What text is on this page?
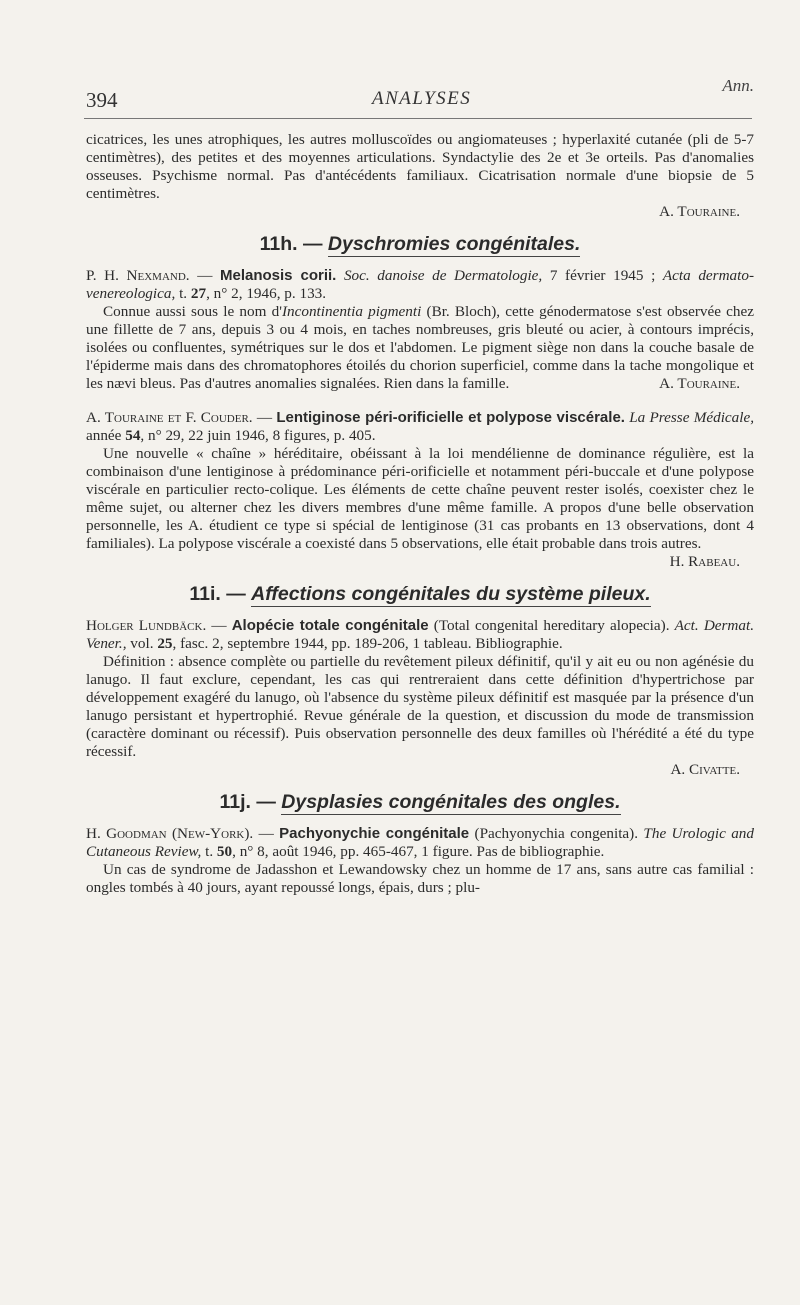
Ann.
394	ANALYSES

cicatrices, les unes atrophiques, les autres molluscoïdes ou angiomateuses ; hyperlaxité cutanée (pli de 5-7 centimètres), des petites et des moyennes articulations. Syndactylie des 2e et 3e orteils. Pas d'anomalies osseuses. Psychisme normal. Pas d'antécédents familiaux. Cicatrisation normale d'une biopsie de 5 centimètres.

A. Touraine.

11h. — Dyschromies congénitales.

P. H. Nexmand. — Melanosis corii. Soc. danoise de Dermatologie, 7 février 1945 ; Acta dermato-venereologica, t. 27, n° 2, 1946, p. 133.

Connue aussi sous le nom d'Incontinentia pigmenti (Br. Bloch), cette génodermatose s'est observée chez une fillette de 7 ans, depuis 3 ou 4 mois, en taches nombreuses, gris bleuté ou acier, à contours imprécis, isolées ou confluentes, symétriques sur le dos et l'abdomen. Le pigment siège non dans la couche basale de l'épiderme mais dans des chromatophores étoilés du chorion superficiel, comme dans la tache mongolique et les nævi bleus. Pas d'autres anomalies signalées. Rien dans la famille.	A. Touraine.

A. Touraine et F. Couder. — Lentiginose péri-orificielle et polypose viscérale. La Presse Médicale, année 54, n° 29, 22 juin 1946, 8 figures, p. 405.

Une nouvelle « chaîne » héréditaire, obéissant à la loi mendélienne de dominance régulière, est la combinaison d'une lentiginose à prédominance péri-orificielle et notamment péri-buccale et d'une polypose viscérale en particulier recto-colique. Les éléments de cette chaîne peuvent rester isolés, coexister chez le même sujet, ou alterner chez les divers membres d'une même famille. A propos d'une belle observation personnelle, les A. étudient ce type si spécial de lentiginose (31 cas probants en 13 observations, dont 4 familiales). La polypose viscérale a coexisté dans 5 observations, elle était probable dans trois autres.

H. Rabeau.

11i. — Affections congénitales du système pileux.

Holger Lundbäck. — Alopécie totale congénitale (Total congenital hereditary alopecia). Act. Dermat. Vener., vol. 25, fasc. 2, septembre 1944, pp. 189-206, 1 tableau. Bibliographie.

Définition : absence complète ou partielle du revêtement pileux définitif, qu'il y ait eu ou non agénésie du lanugo. Il faut exclure, cependant, les cas qui rentreraient dans cette définition d'hypertrichose par développement exagéré du lanugo, où l'absence du système pileux définitif est masquée par la présence d'un lanugo persistant et hypertrophié. Revue générale de la question, et discussion du mode de transmission (caractère dominant ou récessif). Puis observation personnelle des deux familles où l'hérédité a été du type récessif.

A. Civatte.

11j. — Dysplasies congénitales des ongles.

H. Goodman (New-York). — Pachyonychie congénitale (Pachyonychia congenita). The Urologic and Cutaneous Review, t. 50, n° 8, août 1946, pp. 465-467, 1 figure. Pas de bibliographie.

Un cas de syndrome de Jadasshon et Lewandowsky chez un homme de 17 ans, sans autre cas familial : ongles tombés à 40 jours, ayant repoussé longs, épais, durs ; plu-
